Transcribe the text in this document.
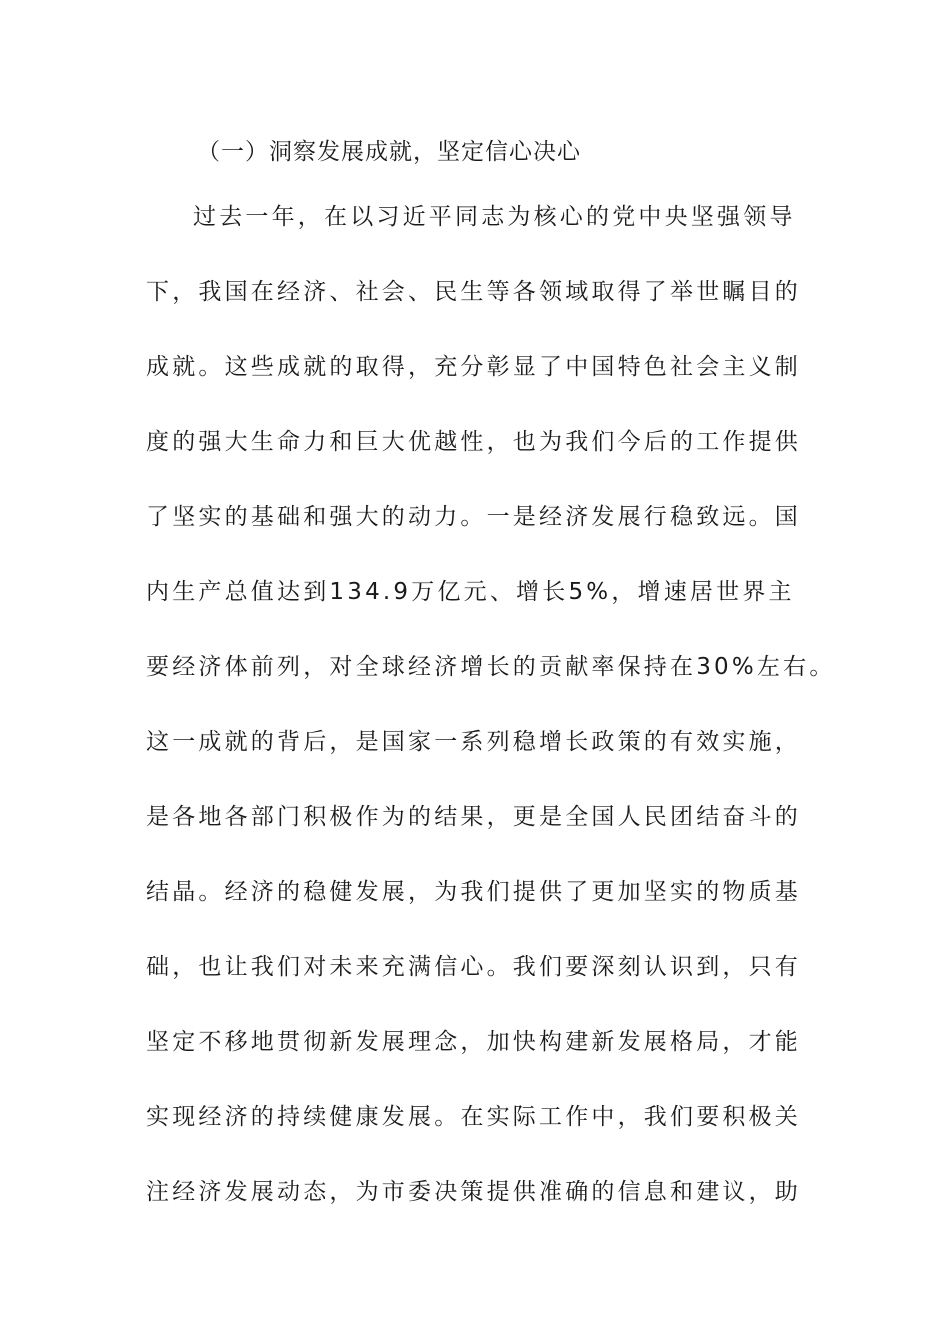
（一）洞察发展成就，坚定信心决心
过去一年，在以习近平同志为核心的党中央坚强领导
下，我国在经济、社会、民生等各领域取得了举世瞩目的
成就。这些成就的取得，充分彰显了中国特色社会主义制
度的强大生命力和巨大优越性，也为我们今后的工作提供
了坚实的基础和强大的动力。一是经济发展行稳致远。国
内生产总值达到134.9万亿元、增长5%，增速居世界主
要经济体前列，对全球经济增长的贡献率保持在30%左右。
这一成就的背后，是国家一系列稳增长政策的有效实施，
是各地各部门积极作为的结果，更是全国人民团结奋斗的
结晶。经济的稳健发展，为我们提供了更加坚实的物质基
础，也让我们对未来充满信心。我们要深刻认识到，只有
坚定不移地贯彻新发展理念，加快构建新发展格局，才能
实现经济的持续健康发展。在实际工作中，我们要积极关
注经济发展动态，为市委决策提供准确的信息和建议，助
